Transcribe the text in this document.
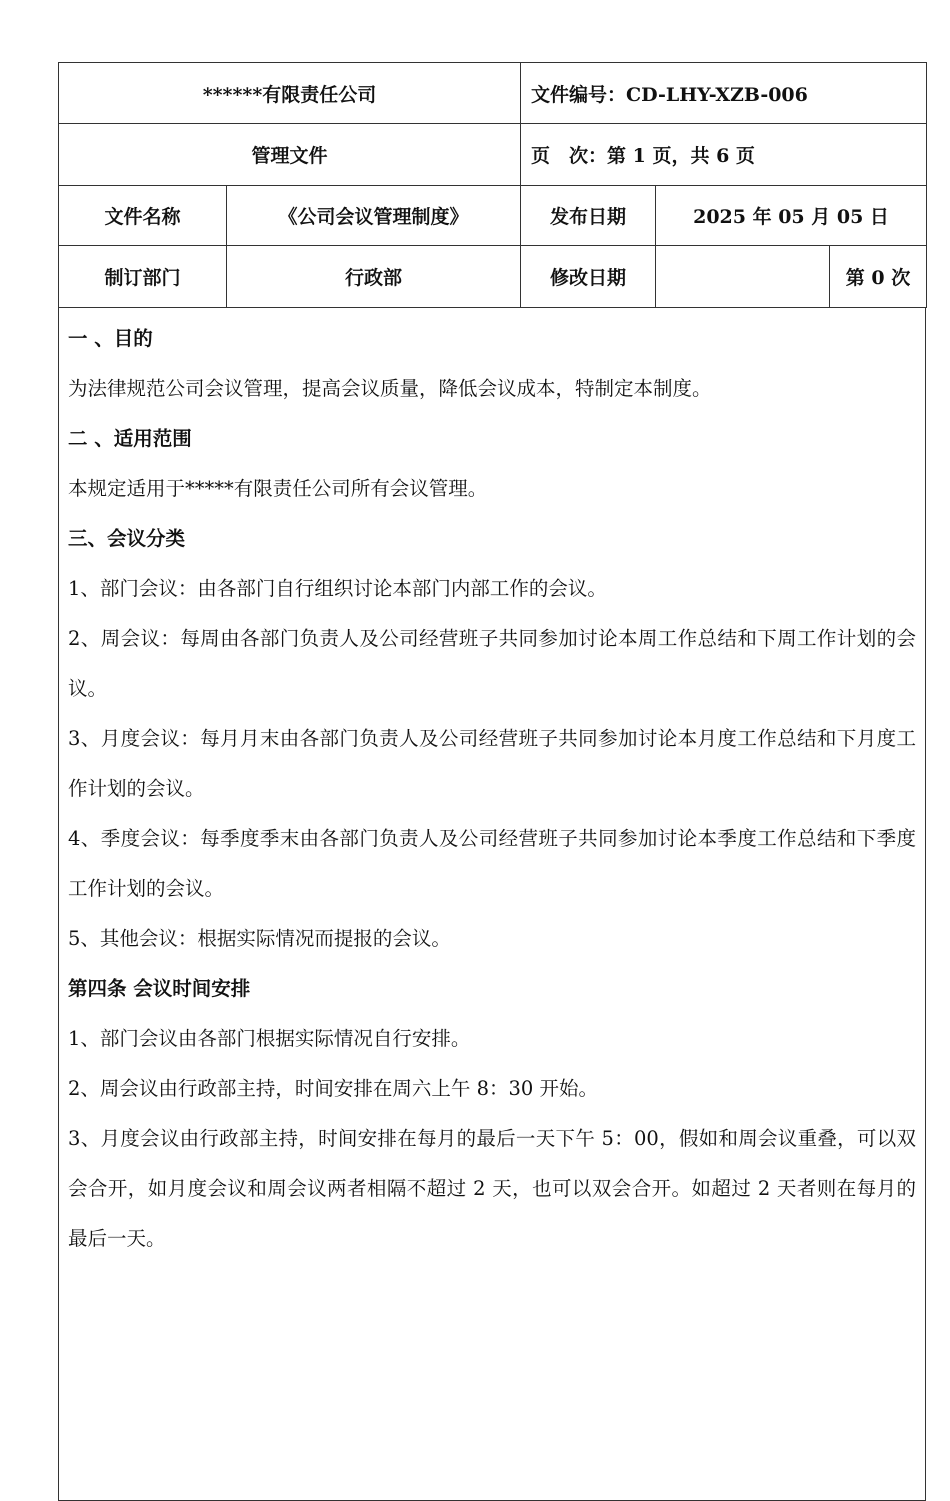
******有限责任公司		文件编号：CD-LHY-XZB-006		
管理文件		页　次：第 1 页，共 6 页		
文件名称	《公司会议管理制度》	发布日期	2025 年 05 月 05 日	
制订部门	行政部	修改日期		第 0 次

一 、目的

为法律规范公司会议管理，提高会议质量，降低会议成本，特制定本制度。

二 、适用范围

本规定适用于*****有限责任公司所有会议管理。

三、会议分类

1、部门会议：由各部门自行组织讨论本部门内部工作的会议。

2、周会议：每周由各部门负责人及公司经营班子共同参加讨论本周工作总结和下周工作计划的会议。

3、月度会议：每月月末由各部门负责人及公司经营班子共同参加讨论本月度工作总结和下月度工作计划的会议。

4、季度会议：每季度季末由各部门负责人及公司经营班子共同参加讨论本季度工作总结和下季度工作计划的会议。

5、其他会议：根据实际情况而提报的会议。

第四条 会议时间安排

1、部门会议由各部门根据实际情况自行安排。

2、周会议由行政部主持，时间安排在周六上午 8：30 开始。

3、月度会议由行政部主持，时间安排在每月的最后一天下午 5：00，假如和周会议重叠，可以双会合开，如月度会议和周会议两者相隔不超过 2 天，也可以双会合开。如超过 2 天者则在每月的最后一天。
